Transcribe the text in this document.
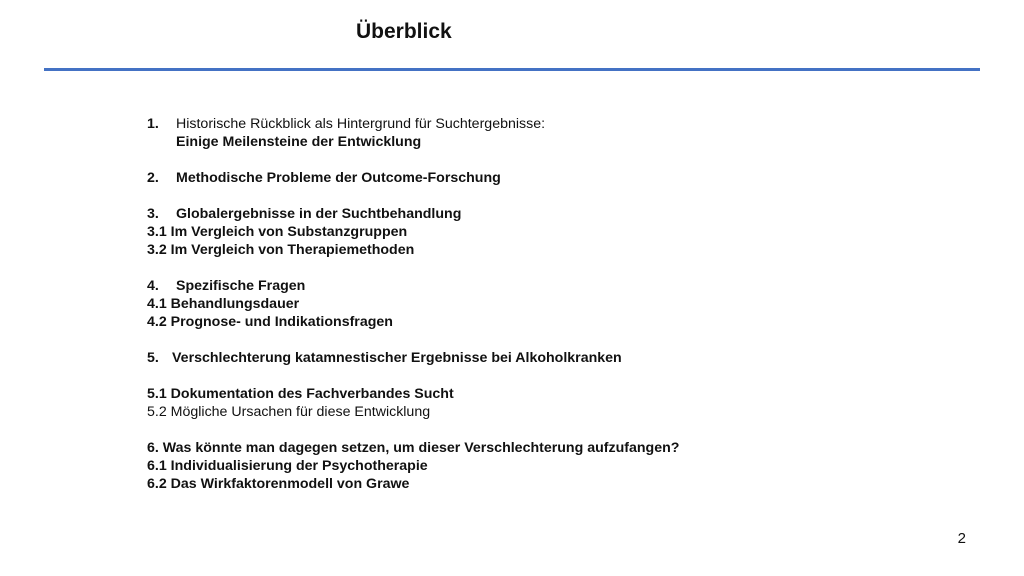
Überblick
1.	Historische Rückblick als Hintergrund für Suchtergebnisse:
Einige Meilensteine der Entwicklung
2.	Methodische Probleme der Outcome-Forschung
3.	Globalergebnisse in der Suchtbehandlung
3.1 Im Vergleich von Substanzgruppen
3.2 Im Vergleich von Therapiemethoden
4.	Spezifische Fragen
4.1 Behandlungsdauer
4.2 Prognose- und Indikationsfragen
5. Verschlechterung katamnestischer Ergebnisse bei Alkoholkranken
5.1 Dokumentation des Fachverbandes Sucht
5.2 Mögliche Ursachen für diese Entwicklung
6. Was könnte man dagegen setzen, um dieser Verschlechterung aufzufangen?
6.1 Individualisierung der Psychotherapie
6.2 Das Wirkfaktorenmodell von Grawe
2
